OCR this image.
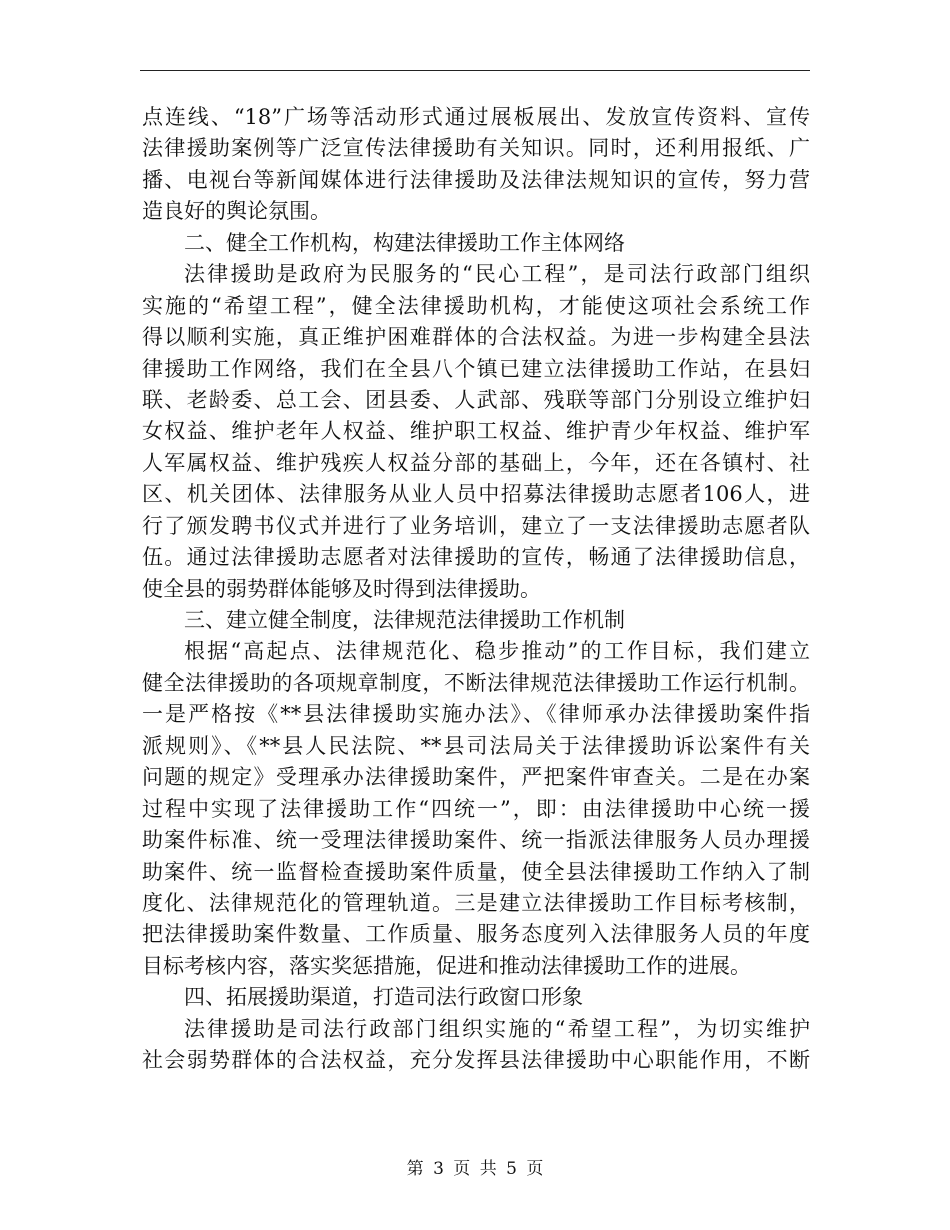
点连线、“18”广场等活动形式通过展板展出、发放宣传资料、宣传
法律援助案例等广泛宣传法律援助有关知识。同时，还利用报纸、广
播、电视台等新闻媒体进行法律援助及法律法规知识的宣传，努力营
造良好的舆论氛围。
二、健全工作机构，构建法律援助工作主体网络
法律援助是政府为民服务的“民心工程”，是司法行政部门组织
实施的“希望工程”，健全法律援助机构，才能使这项社会系统工作
得以顺利实施，真正维护困难群体的合法权益。为进一步构建全县法
律援助工作网络，我们在全县八个镇已建立法律援助工作站，在县妇
联、老龄委、总工会、团县委、人武部、残联等部门分别设立维护妇
女权益、维护老年人权益、维护职工权益、维护青少年权益、维护军
人军属权益、维护残疾人权益分部的基础上，今年，还在各镇村、社
区、机关团体、法律服务从业人员中招募法律援助志愿者106人，进
行了颁发聘书仪式并进行了业务培训，建立了一支法律援助志愿者队
伍。通过法律援助志愿者对法律援助的宣传，畅通了法律援助信息，
使全县的弱势群体能够及时得到法律援助。
三、建立健全制度，法律规范法律援助工作机制
根据“高起点、法律规范化、稳步推动”的工作目标，我们建立
健全法律援助的各项规章制度，不断法律规范法律援助工作运行机制。
一是严格按《**县法律援助实施办法》、《律师承办法律援助案件指
派规则》、《**县人民法院、**县司法局关于法律援助诉讼案件有关
问题的规定》受理承办法律援助案件，严把案件审查关。二是在办案
过程中实现了法律援助工作“四统一”，即：由法律援助中心统一援
助案件标准、统一受理法律援助案件、统一指派法律服务人员办理援
助案件、统一监督检查援助案件质量，使全县法律援助工作纳入了制
度化、法律规范化的管理轨道。三是建立法律援助工作目标考核制，
把法律援助案件数量、工作质量、服务态度列入法律服务人员的年度
目标考核内容，落实奖惩措施，促进和推动法律援助工作的进展。
四、拓展援助渠道，打造司法行政窗口形象
法律援助是司法行政部门组织实施的“希望工程”，为切实维护
社会弱势群体的合法权益，充分发挥县法律援助中心职能作用，不断
第 3 页 共 5 页
